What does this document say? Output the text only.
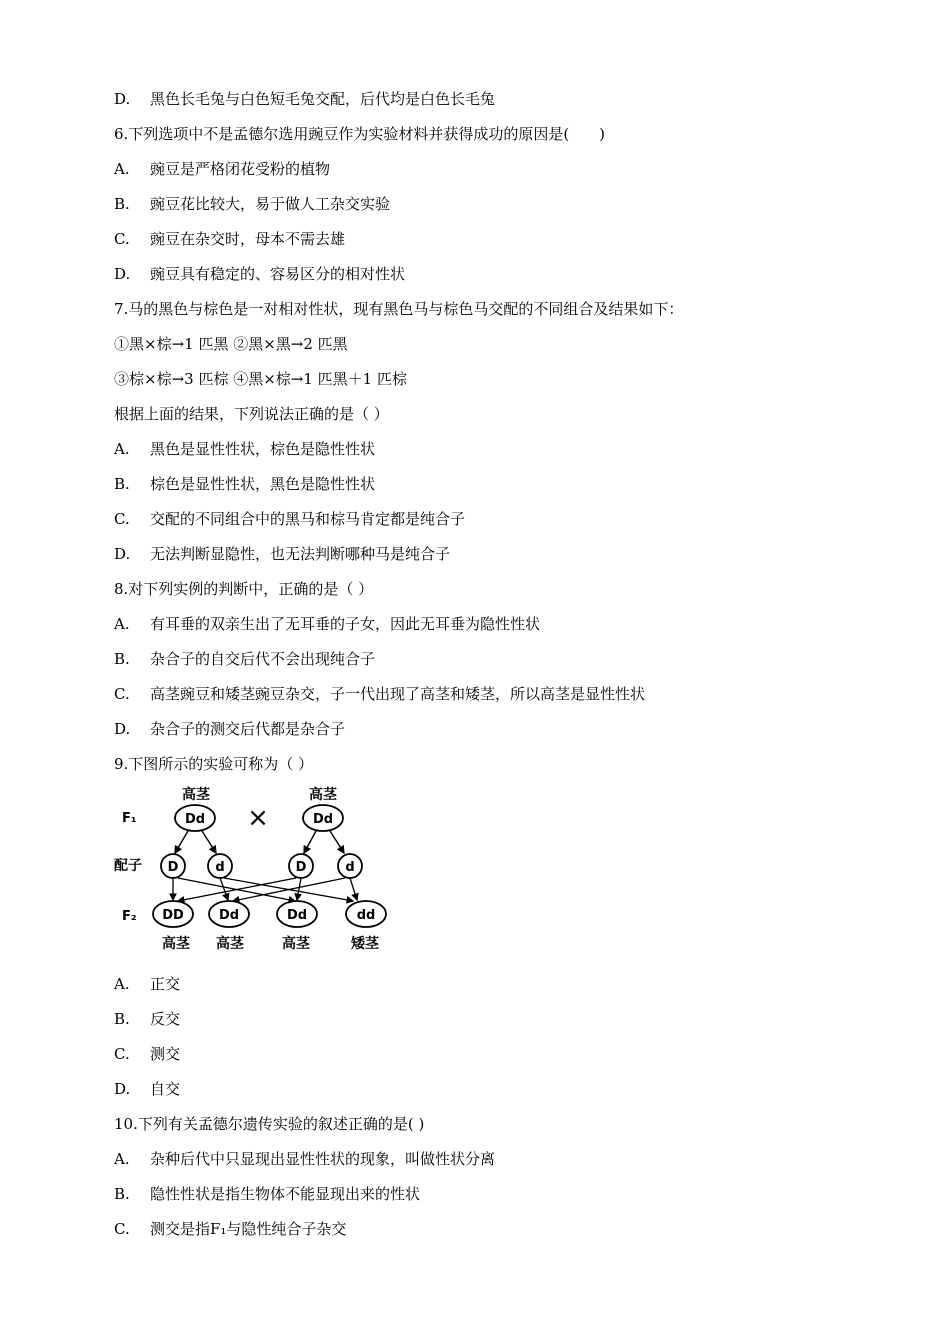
D. 黑色长毛兔与白色短毛兔交配，后代均是白色长毛兔
6.下列选项中不是孟德尔选用豌豆作为实验材料并获得成功的原因是(　　)
A. 豌豆是严格闭花受粉的植物
B. 豌豆花比较大，易于做人工杂交实验
C. 豌豆在杂交时，母本不需去雄
D. 豌豆具有稳定的、容易区分的相对性状
7.马的黑色与棕色是一对相对性状，现有黑色马与棕色马交配的不同组合及结果如下：
①黑×棕→1 匹黑 ②黑×黑→2 匹黑
③棕×棕→3 匹棕 ④黑×棕→1 匹黑＋1 匹棕
根据上面的结果，下列说法正确的是（ ）
A. 黑色是显性性状，棕色是隐性性状
B. 棕色是显性性状，黑色是隐性性状
C. 交配的不同组合中的黑马和棕马肯定都是纯合子
D. 无法判断显隐性，也无法判断哪种马是纯合子
8.对下列实例的判断中，正确的是（ ）
A. 有耳垂的双亲生出了无耳垂的子女，因此无耳垂为隐性性状
B. 杂合子的自交后代不会出现纯合子
C. 高茎豌豆和矮茎豌豆杂交，子一代出现了高茎和矮茎，所以高茎是显性性状
D. 杂合子的测交后代都是杂合子
9.下图所示的实验可称为（ ）
F₁
配子
F₂
高茎
Dd ×
高茎
Dd
D	d	D	d
DD	Dd	Dd	dd
高茎 高茎	高茎	矮茎
A. 正交
B. 反交
C. 测交
D. 自交
10.下列有关孟德尔遗传实验的叙述正确的是( )
A. 杂种后代中只显现出显性性状的现象，叫做性状分离
B. 隐性性状是指生物体不能显现出来的性状
C. 测交是指F₁与隐性纯合子杂交
